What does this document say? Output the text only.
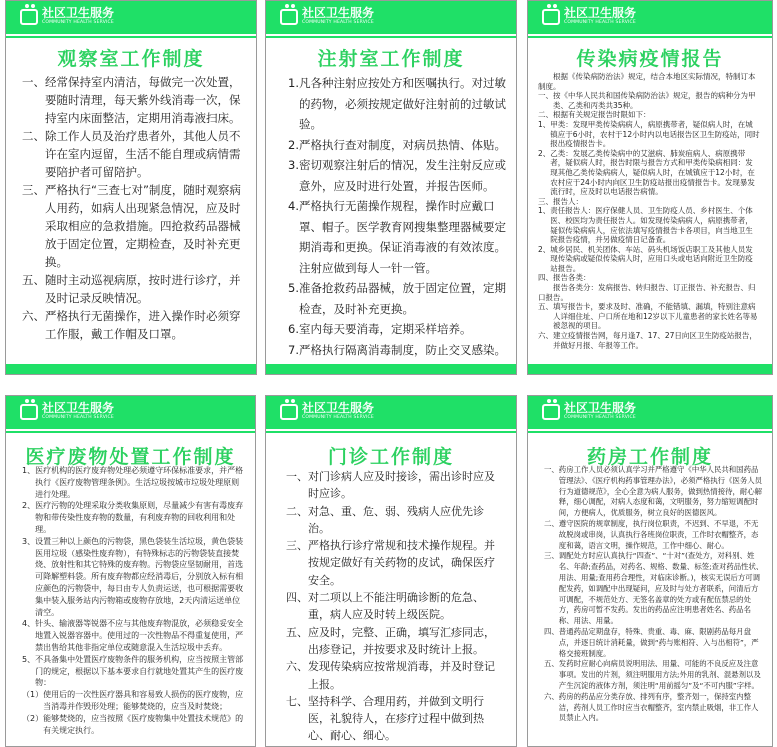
社区卫生服务
COMMUNITY HEALTH SERVICE
观察室工作制度
一、 经常保持室内清洁，每做完一次处置，要随时清理，每天紫外线消毒一次，保持室内床面整洁，定期用消毒液扫床。
二、 除工作人员及治疗患者外，其他人员不许在室内逗留，生活不能自理或病情需要陪护者可留陪护。
三、 严格执行“三查七对”制度，随时观察病人用药，如病人出现紧急情况，应及时采取相应的急救措施。四抢救药品器械放于固定位置，定期检查，及时补充更换。
五、 随时主动巡视病原，按时进行诊疗，并及时记录反映情况。
六、 严格执行无菌操作，进入操作时必须穿工作服，戴工作帽及口罩。
社区卫生服务
COMMUNITY HEALTH SERVICE
注射室工作制度
1. 凡各种注射应按处方和医嘱执行。对过敏的药物，必须按规定做好注射前的过敏试验。
2. 严格执行查对制度，对病员热情、体贴。
3. 密切观察注射后的情况，发生注射反应或意外，应及时进行处置，并报告医师。
4. 严格执行无菌操作规程，操作时应戴口罩、帽子。医学教育网搜集整理器械要定期消毒和更换。保证消毒液的有效浓度。注射应做到每人一针一管。
5. 准备抢救药品器械，放于固定位置，定期检查，及时补充更换。
6. 室内每天要消毒，定期采样培养。
7. 严格执行隔离消毒制度，防止交叉感染。
社区卫生服务
COMMUNITY HEALTH SERVICE
传染病疫情报告
　　根据《传染病防治法》规定，结合本地区实际情况，特制订本制度。
一、 按《中华人民共和国传染病防治法》规定，报告的病种分为甲类、乙类和丙类共35种。
二、 根据有关规定报告时限如下：
1、 甲类：发现甲类传染病病人，病原携带者，疑似病人时，在城镇应于6小时，农村于12小时内以电话报告区卫生防疫站，同时报出疫情报告卡。
2、 乙类：发展乙类传染病中的艾滋病、肺炭疽病人、病原携带者，疑似病人时，报告时限与报告方式和甲类传染病相同：发现其他乙类传染病病人，疑似病人时，在城镇应于12小时，在农村应于24小时内向区卫生防疫站报出疫情报告卡。发现暴发流行时，应及时以电话报告病情。
三、 报告人：
1、 责任报告人：医疗保健人员、卫生防疫人员、乡村医生、个体医、校医均为责任报告人。如发现传染病病人，病原携带者，疑似传染病病人，应依法填写疫情报告卡各项目，向当地卫生院报告疫情，并另做疫情日记备查。
2、 城乡居民、机关团体、车站、码头机场饭店职工及其他人员发现传染病或疑似传染病人时，应用口头或电话向附近卫生防疫站报告。
四、 报告各类：
　　报告各类分：发病报告、转归报告、订正报告、补充报告、归口报告。
五、 填写报告卡，要求及时、准确，不能错填、漏填，特别注意病人详细住址、户口所在地和12岁以下儿童患者的家长姓名等易被忽视的项目。
六、 建立疫情报告网，每月逢7、17、27日向区卫生防疫站报告，并做好月报、年报等工作。
社区卫生服务
COMMUNITY HEALTH SERVICE
医疗废物处置工作制度
1、 医疗机构的医疗废弃物处理必须遵守环保标准要求，并严格执行《医疗废物管理条例》。生活垃圾按城市垃圾处理原则进行处理。
2、 医疗污物的处理采取分类收集原则，尽量减少有害有毒废弃物和带传染性废弃物的数量，有利废弃物的回收利用和处理。
3、 设置三种以上颜色的污物袋，黑色袋装生活垃圾，黄色袋装医用垃圾（感染性废弃物），有特殊标志的污物袋装直接焚烧、放射性和其它特殊的废弃物。污物袋应坚韧耐用，首选可降解塑料袋。所有废弃物都应经消毒后，分别放入标有相应颜色的污物袋中，每日由专人负责运送，也可根据需要收集中装入服务站内污物箱或废物存放地，2天内清运送单位清空。
4、 针头、输液器等锐器不应与其他废弃物混放，必须稳妥安全地置入锐器容器中。使用过的一次性物品不得重复使用，严禁出售给其他非指定单位或随意混入生活垃圾中丢弃。
5、 不具备集中处置医疗废物条件的服务机构，应当按照主管部门的规定，根据以下基本要求自行就地处置其产生的医疗废物：
（1） 使用后的一次性医疗器具和容易致人损伤的医疗废物，应当消毒并作毁形处理；能够焚烧的，应当及时焚烧；
（2） 能够焚烧的，应当按照《医疗废物集中处置技术规范》的有关规定执行。
社区卫生服务
COMMUNITY HEALTH SERVICE
门诊工作制度
一、 对门诊病人应及时接诊，需出诊时应及时应诊。
二、 对急、重、危、弱、残病人应优先诊治。
三、 严格执行诊疗常规和技术操作规程。并按规定做好有关药物的皮试，确保医疗安全。
四、 对二项以上不能注明确诊断的危急、重，病人应及时转上级医院。
五、 应及时，完整、正确，填写汇疹同志，出疹登记，并按要求及时统计上报。
六、 发现传染病应按常规消毒，并及时登记上报。
七、 坚持科学、合理用药，并做到文明行医，礼貌待人，在疹疗过程中做到热心、耐心、细心。
社区卫生服务
COMMUNITY HEALTH SERVICE
药房工作制度
一、 药房工作人员必须认真学习并严格遵守《中华人民共和国药品管理法》、《医疗机构药事管理办法》，必须严格执行《医务人员行为道德规范》，全心全意为病人服务，做到热情接待，耐心解释，细心调配，对病人态度和蔼，文明服务，努力缩短调配时间，方便病人，优质服务，树立良好的医德医风。
二、 遵守医院的规章制度，执行岗位职责，不迟到、不早退，不无故脱岗或串岗，认真执行各班岗位职责，工作时衣帽整齐，态度和蔼，语言文明，操作规范，工作中细心、耐心。
三、 调配处方时应认真执行“四查”、“十对”(查处方，对科别、姓名、年龄;查药品，对药名、规格、数量、标签;查对药品性状、用法、用量;查用药合理性，对临床诊断。)，核实无误后方可调配发药，如调配中出现疑问，应及时与处方者联系，问清后方可调配，不规范处方、无签名盖章的处方或有配伍禁忌的处方，药房可暂不发药。发出的药品应注明患者姓名、药品名称、用法、用量。
四、 普通药品定期盘存，特殊、贵重、毒、麻、限剧药品每月盘点，并逐日统计消耗量，做到“药与账相符、入与出相符”，严格交接班制度。
五、 发药时应耐心向病员说明用法、用量、可能的不良反应及注意事项。发出的片剂，须注明服用方法;外用的乳剂、混悬剂以及产生沉淀的液体方剂，须注明“用前摇匀”及“不可内服”字样。
六、 药房的药品应分类存放、排列有序，整齐划一，保持室内整洁，药剂人员工作时应当衣帽整齐，室内禁止吸烟，非工作人员禁止入内。
